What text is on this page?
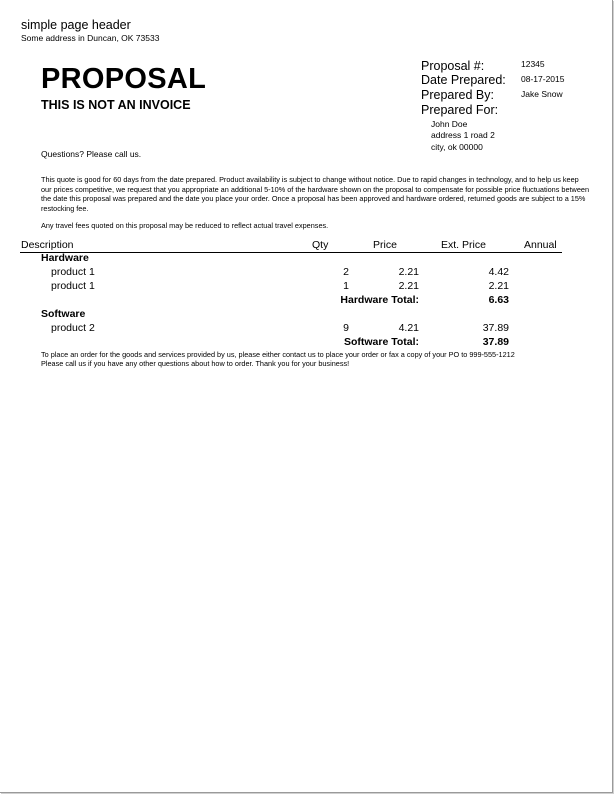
simple page header
Some address in Duncan, OK 73533
PROPOSAL
THIS IS NOT AN INVOICE
Proposal #:	12345
Date Prepared: 08-17-2015
Prepared By:	Jake Snow
Prepared For:
John Doe
address 1 road 2
city, ok 00000
Questions? Please call us.
This quote is good for 60 days from the date prepared. Product availability is subject to change without notice. Due to rapid changes in technology, and to help us keep our prices competitive, we request that you appropriate an additional 5-10% of the hardware shown on the proposal to compensate for possible price fluctuations between the date this proposal was prepared and the date you place your order. Once a proposal has been approved and hardware ordered, returned goods are subject to a 15% restocking fee.
Any travel fees quoted on this proposal may be reduced to reflect actual travel expenses.
Description	Qty	Price	Ext. Price	Annual
Hardware
product 1	2	2.21	4.42
product 1	1	2.21	2.21
Hardware Total:	6.63
Software
product 2	9	4.21	37.89
Software Total:	37.89
To place an order for the goods and services provided by us, please either contact us to place your order or fax a copy of your PO to 999-555-1212
Please call us if you have any other questions about how to order. Thank you for your business!
